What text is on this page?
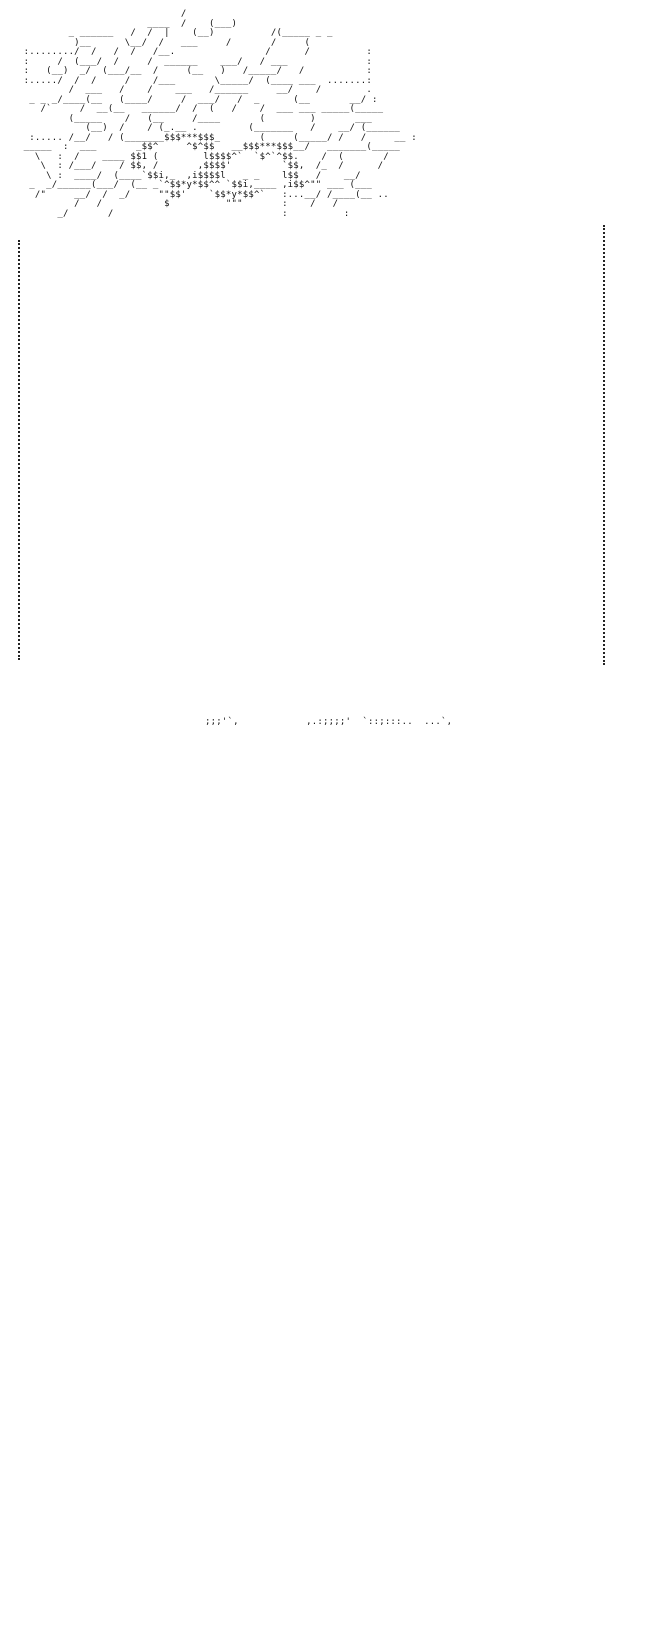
/
____  /    (___)
_ ______   /  /  |    (__)          /(_____ _ _
)__      \__/  /   ___     /       /     (
:......../  /   /  /   /__.                /      /          :
:     /  (___/  /     /  ______    ___/   / ___              :
:   (__)  _/  (___/__  /     (__   )   /_____/   /           :
:...../  /  /     /    /___       \_____/  (____ ___  .......:
/  ___   /    /    ___   /______     __/    /        .
_ _ _/____(__   (____/     /  ___/   /  _      (__       __/ :
/`     /  __(__   ______/  /  (   /    /  ___ ___ _____(_____
(_____    /   (__     /____       (        )       ___
(__)  /    / (_.__ .         (_______   /    __/ (______
:..... /__/   / (_______$$$***$$$_       (     (_____/ /   /     __ :
_____  :  ___       _$$^     ^$^$$   __$$$***$$$__/   _______(_____
\   :  /    ____ $$1 (        l$$$$^`  `$^`^$$.    /  (       /
\  : /___/    / $$, /       ,$$$$'         `$$,  /_  /      /
\ :  ____/  (____`$$i,_  ,i$$$$l   _ _    l$$   /    __/
_  _/______(___/  (__ _`^$$*y*$$^^ `$$i,____ ,i$$^"" ___ (___
/"     __/  /  _/     ""$$'    `$$*y*$$^`   :...__/ /____(__ ..
/   /           $          """       :    /   /
_/       /                              :          :

;;;'`,            ,.:;;;;'  `::;:::..  ...`,
